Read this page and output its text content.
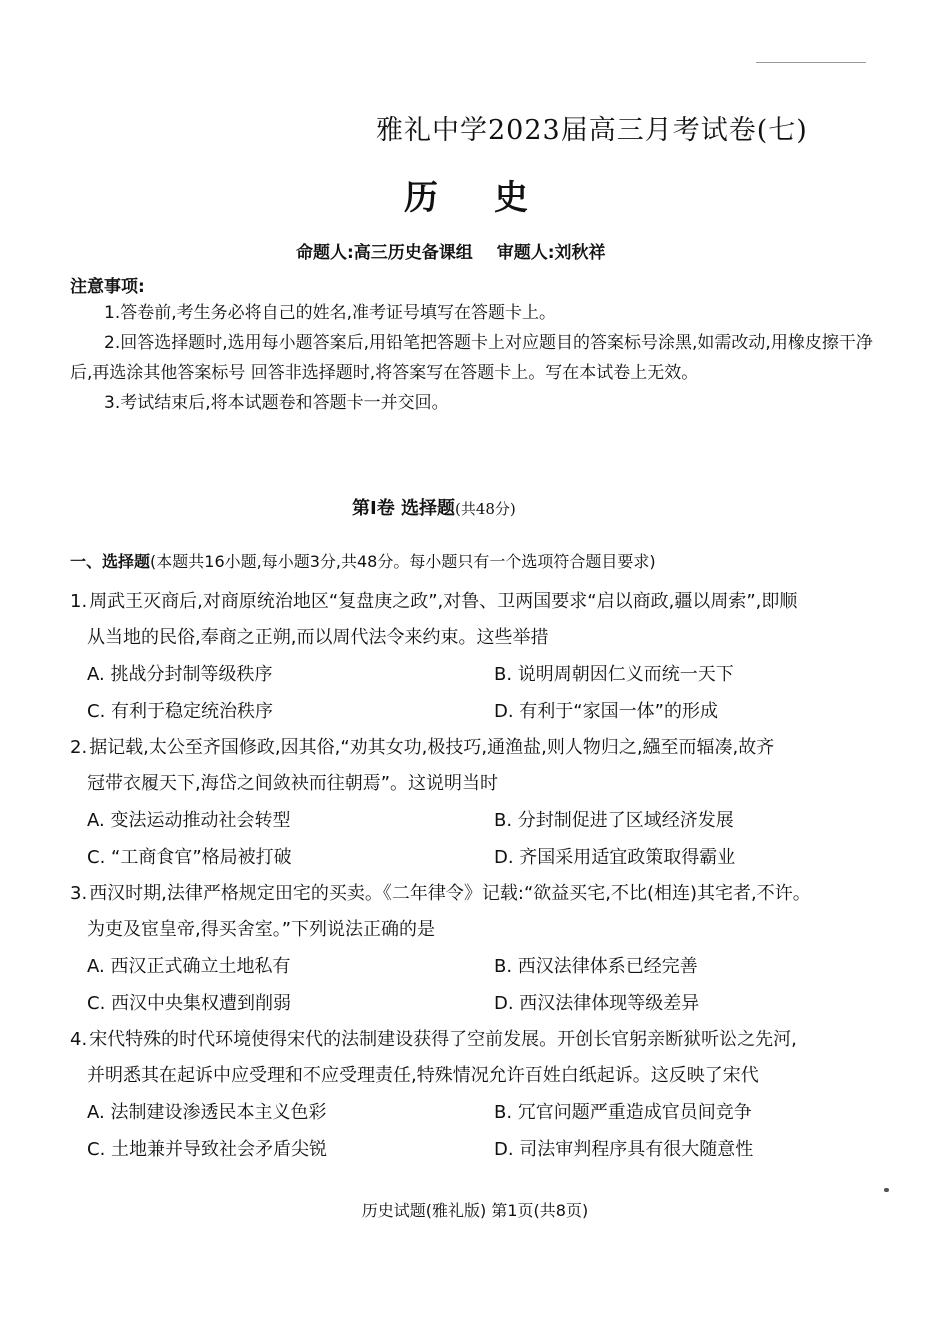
雅礼中学2023届高三月考试卷(七)
历史
命题人:高三历史备课组 审题人:刘秋祥
注意事项:

1.答卷前,考生务必将自己的姓名,准考证号填写在答题卡上。

2.回答选择题时,选用每小题答案后,用铅笔把答题卡上对应题目的答案标号涂黑,如需改动,用橡皮擦干净后,再选涂其他答案标号 回答非选择题时,将答案写在答题卡上。写在本试卷上无效。

3.考试结束后,将本试题卷和答题卡一并交回。

第Ⅰ卷 选择题(共48分)
一、选择题(本题共16小题,每小题3分,共48分。每小题只有一个选项符合题目要求)
1. 周武王灭商后,对商原统治地区“复盘庚之政”,对鲁、卫两国要求“启以商政,疆以周索”,即顺
从当地的民俗,奉商之正朔,而以周代法令来约束。这些举措
A. 挑战分封制等级秩序	B. 说明周朝因仁义而统一天下
C. 有利于稳定统治秩序	D. 有利于“家国一体”的形成
2. 据记载,太公至齐国修政,因其俗,“劝其女功,极技巧,通渔盐,则人物归之,繦至而辐凑,故齐
冠带衣履天下,海岱之间敛袂而往朝焉”。这说明当时
A. 变法运动推动社会转型	B. 分封制促进了区域经济发展
C. “工商食官”格局被打破	D. 齐国采用适宜政策取得霸业
3. 西汉时期,法律严格规定田宅的买卖。《二年律令》记载:“欲益买宅,不比(相连)其宅者,不许。
为吏及宦皇帝,得买舍室。”下列说法正确的是
A. 西汉正式确立土地私有	B. 西汉法律体系已经完善
C. 西汉中央集权遭到削弱	D. 西汉法律体现等级差异
4. 宋代特殊的时代环境使得宋代的法制建设获得了空前发展。开创长官躬亲断狱听讼之先河,
并明悉其在起诉中应受理和不应受理责任,特殊情况允许百姓白纸起诉。这反映了宋代
A. 法制建设渗透民本主义色彩	B. 冗官问题严重造成官员间竞争
C. 土地兼并导致社会矛盾尖锐	D. 司法审判程序具有很大随意性
历史试题(雅礼版) 第1页(共8页)
